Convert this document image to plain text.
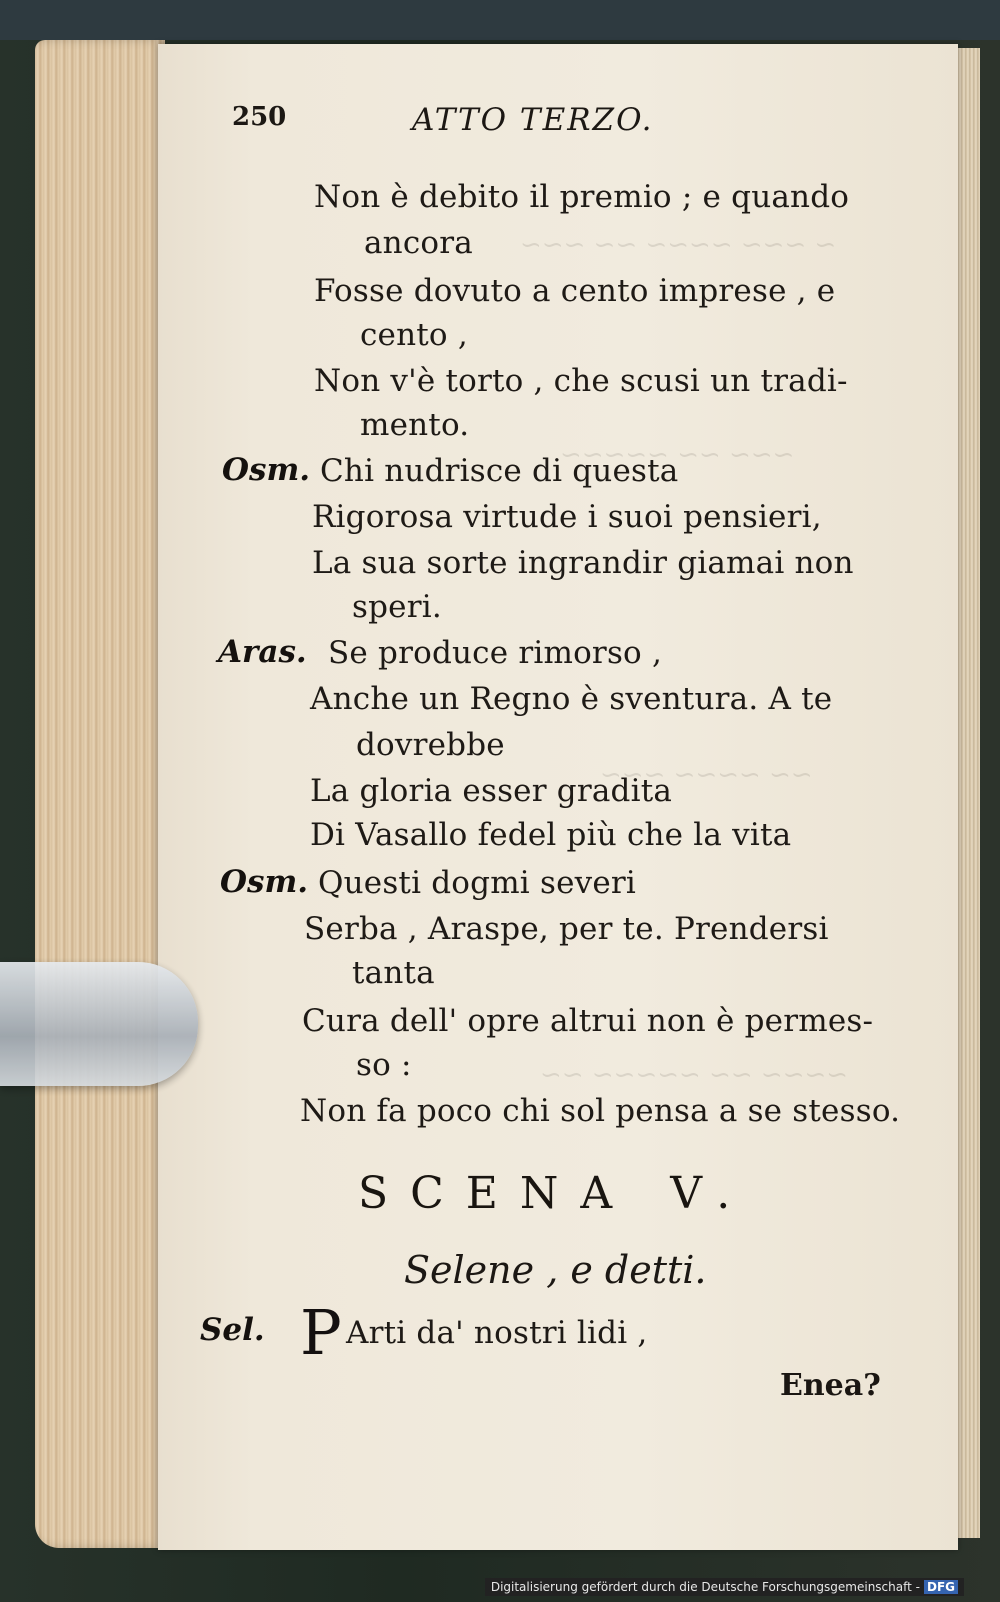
~ ~~~ ~~~~ ~~ ~~~
~~~ ~~ ~~~~~
~~ ~~~~ ~~~
~~~~ ~~ ~~~~~ ~~
250	ATTO TERZO.
Non è debito il premio ; e quando
ancora
Fosse dovuto a cento imprese , e
cento ,
Non v'è torto , che scusi un tradi-
mento.
Osm. Chi nudrisce di questa
Rigorosa virtude i suoi pensieri,
La sua sorte ingrandir giamai non
speri.
Aras. Se produce rimorso ,
Anche un Regno è sventura. A te
dovrebbe
La gloria esser gradita
Di Vasallo fedel più che la vita
Osm. Questi dogmi severi
Serba , Araspe, per te. Prendersi
tanta
Cura dell' opre altrui non è permes-
so :
Non fa poco chi sol pensa a se stesso.
SCENA V.
Selene , e detti.
Sel. P Arti da' nostri lidi ,
Enea?
Digitalisierung gefördert durch die Deutsche Forschungsgemeinschaft - DFG
